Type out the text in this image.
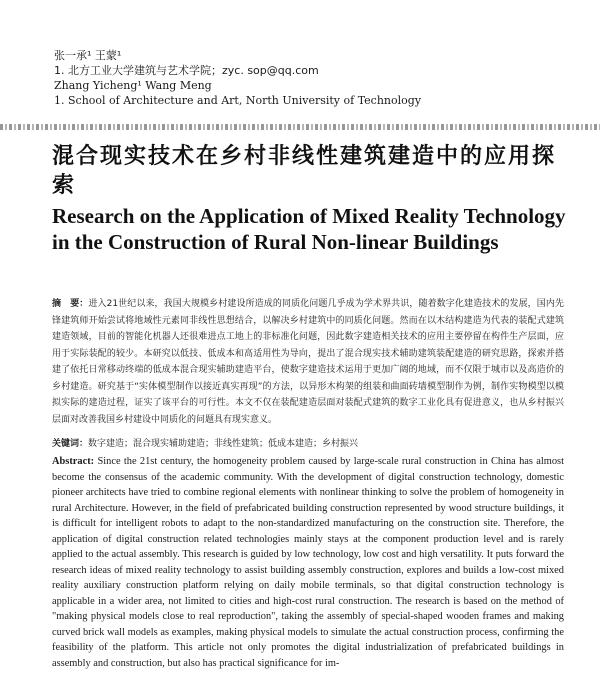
张一承¹ 王蒙¹
1. 北方工业大学建筑与艺术学院；zyc. sop@qq.com
Zhang Yicheng¹ Wang Meng
1. School of Architecture and Art, North University of Technology
混合现实技术在乡村非线性建筑建造中的应用探索
Research on the Application of Mixed Reality Technology in the Construction of Rural Non-linear Buildings
摘　要：进入21世纪以来，我国大规模乡村建设所造成的同质化问题几乎成为学术界共识，随着数字化建造技术的发展，国内先锋建筑师开始尝试将地域性元素同非线性思想结合，以解决乡村建筑中的同质化问题。然而在以木结构建造为代表的装配式建筑建造领域，目前的智能化机器人还很难进点工地上的非标准化问题，因此数字建造相关技术的应用主要停留在构件生产层面，应用于实际装配的较少。本研究以低技、低成本和高适用性为导向，提出了混合现实技术辅助建筑装配建造的研究思路，探索并搭建了依托日常移动终端的低成本混合现实辅助建造平台，使数字建造技术运用于更加广阔的地域，而不仅限于城市以及高造价的乡村建造。研究基于“实体模型制作以接近真实再现”的方法，以异形木构架的组装和曲面砖墙模型制作为例，制作实物模型以模拟实际的建造过程，证实了该平台的可行性。本文不仅在装配建造层面对装配式建筑的数字工业化具有促进意义，也从乡村振兴层面对改善我国乡村建设中同质化的问题具有现实意义。
关键词：数字建造；混合现实辅助建造；非线性建筑；低成本建造；乡村振兴
Abstract: Since the 21st century, the homogeneity problem caused by large-scale rural construction in China has almost become the consensus of the academic community. With the development of digital construction technology, domestic pioneer architects have tried to combine regional elements with nonlinear thinking to solve the problem of homogeneity in rural Architecture. However, in the field of prefabricated building construction represented by wood structure buildings, it is difficult for intelligent robots to adapt to the non-standardized manufacturing on the construction site. Therefore, the application of digital construction related technologies mainly stays at the component production level and is rarely applied to the actual assembly. This research is guided by low technology, low cost and high versatility. It puts forward the research ideas of mixed reality technology to assist building assembly construction, explores and builds a low-cost mixed reality auxiliary construction platform relying on daily mobile terminals, so that digital construction technology is applicable in a wider area, not limited to cities and high-cost rural construction. The research is based on the method of "making physical models close to real reproduction", taking the assembly of special-shaped wooden frames and making curved brick wall models as examples, making physical models to simulate the actual construction process, confirming the feasibility of the platform. This article not only promotes the digital industrialization of prefabricated buildings in assembly and construction, but also has practical significance for im-
